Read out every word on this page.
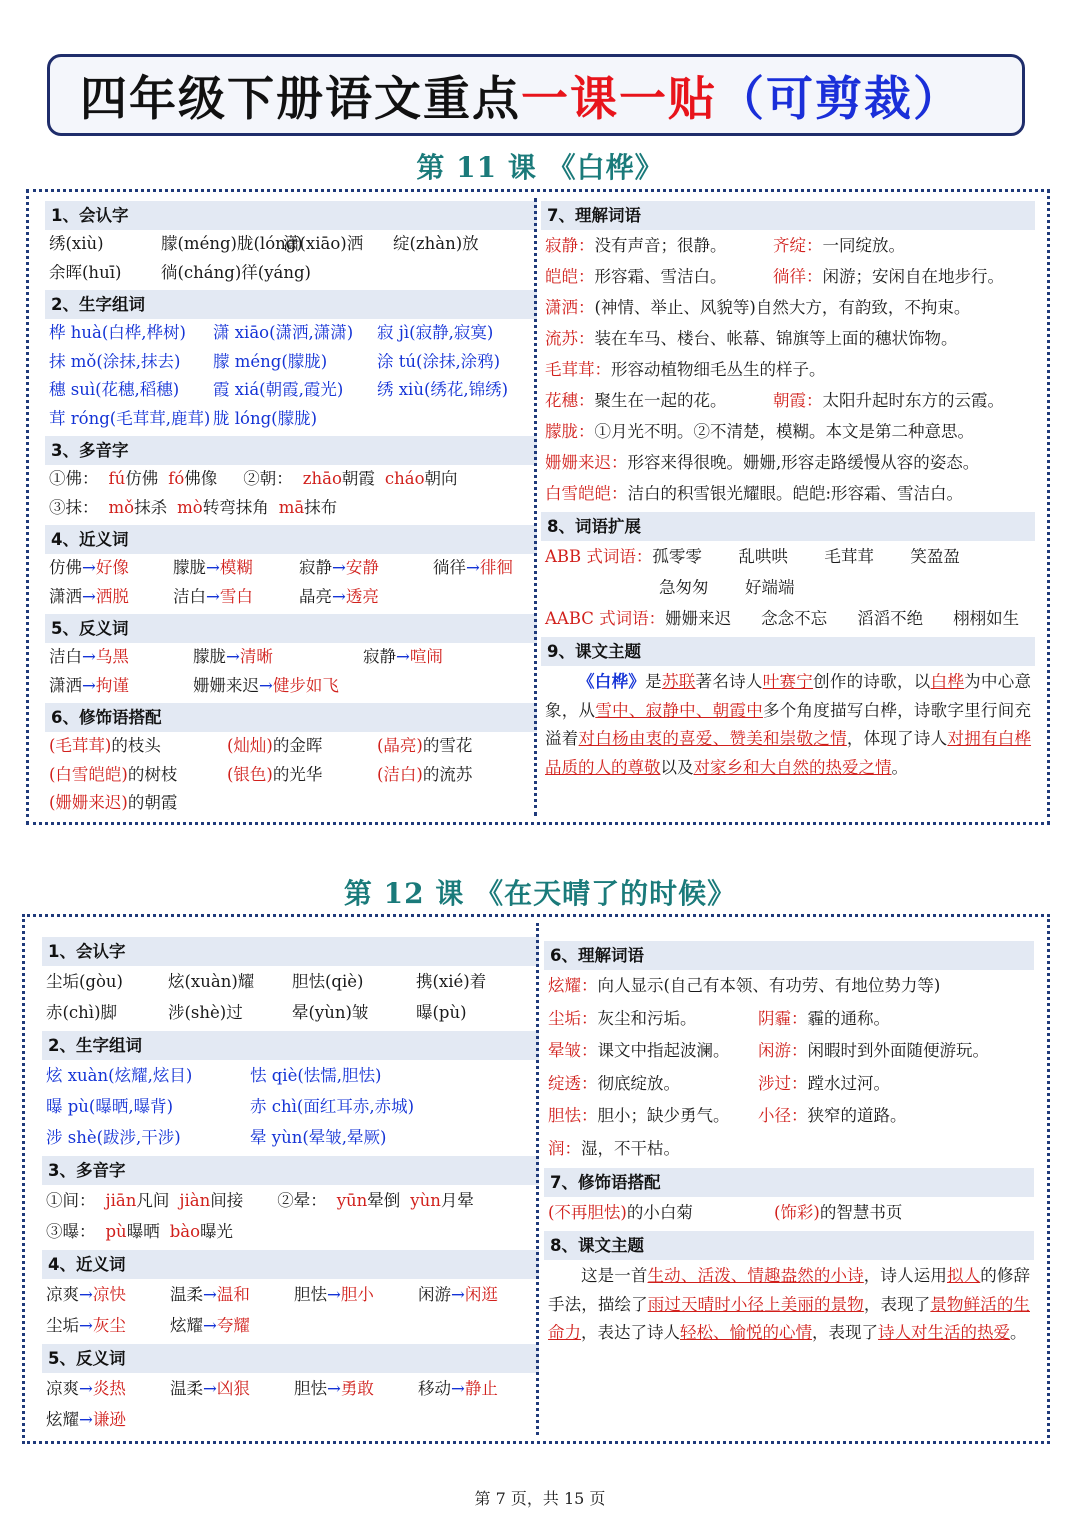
四年级下册语文重点 一课一贴 （可剪裁）
第 11 课 《白桦》
1、会认字
绣(xiù)	朦(méng)胧(lóng)潇(xiāo)洒 绽(zhàn)放
余晖(huī) 徜(cháng)徉(yáng)
2、生字组词
桦 huà(白桦,桦树) 潇 xiāo(潇洒,潇潇) 寂 jì(寂静,寂寞)
抹 mǒ(涂抹,抹去) 朦 méng(朦胧)	涂 tú(涂抹,涂鸦)
穗 suì(花穗,稻穗) 霞 xiá(朝霞,霞光) 绣 xiù(绣花,锦绣)
茸 róng(毛茸茸,鹿茸) 胧 lóng(朦胧)
3、多音字
①佛： fú仿佛 fó佛像 ②朝： zhāo朝霞 cháo朝向
③抹： mǒ抹杀 mò转弯抹角 mā抹布
4、近义词
仿佛→好像	朦胧→模糊	寂静→安静	徜徉→徘徊
潇洒→洒脱	洁白→雪白	晶亮→透亮
5、反义词
洁白→乌黑	朦胧→清晰	寂静→喧闹
潇洒→拘谨	姗姗来迟→健步如飞
6、修饰语搭配
(毛茸茸)的枝头	(灿灿)的金晖	(晶亮)的雪花
(白雪皑皑)的树枝	(银色)的光华	(洁白)的流苏
(姗姗来迟)的朝霞
7、理解词语
寂静：没有声音；很静。	齐绽：一同绽放。
皑皑：形容霜、雪洁白。	徜徉：闲游；安闲自在地步行。
潇洒：(神情、举止、风貌等)自然大方，有韵致，不拘束。
流苏：装在车马、楼台、帐幕、锦旗等上面的穗状饰物。
毛茸茸：形容动植物细毛丛生的样子。
花穗：聚生在一起的花。	朝霞：太阳升起时东方的云霞。
朦胧：①月光不明。②不清楚，模糊。本文是第二种意思。
姗姗来迟：形容来得很晚。姗姗,形容走路缓慢从容的姿态。
白雪皑皑：洁白的积雪银光耀眼。皑皑:形容霜、雪洁白。
8、词语扩展
ABB 式词语：孤零零 乱哄哄 毛茸茸 笑盈盈
急匆匆 好端端
AABC 式词语：姗姗来迟 念念不忘 滔滔不绝 栩栩如生
9、课文主题
《白桦》是苏联著名诗人叶赛宁创作的诗歌，以白桦为中心意象，从雪中、寂静中、朝霞中多个角度描写白桦，诗歌字里行间充溢着对白杨由衷的喜爱、赞美和崇敬之情，体现了诗人对拥有白桦品质的人的尊敬以及对家乡和大自然的热爱之情。
第 12 课 《在天晴了的时候》
1、会认字
尘垢(gòu)	炫(xuàn)耀 胆怯(qiè)	携(xié)着
赤(chì)脚	涉(shè)过	晕(yùn)皱	曝(pù)
2、生字组词
炫 xuàn(炫耀,炫目)	怯 qiè(怯懦,胆怯)
曝 pù(曝晒,曝背)	赤 chì(面红耳赤,赤城)
涉 shè(跋涉,干涉)	晕 yùn(晕皱,晕厥)
3、多音字
①间： jiān凡间 jiàn间接 ②晕： yūn晕倒 yùn月晕
③曝： pù曝晒 bào曝光
4、近义词
凉爽→凉快	温柔→温和	胆怯→胆小	闲游→闲逛
尘垢→灰尘	炫耀→夸耀
5、反义词
凉爽→炎热	温柔→凶狠	胆怯→勇敢	移动→静止
炫耀→谦逊
6、理解词语
炫耀：向人显示(自己有本领、有功劳、有地位势力等)
尘垢：灰尘和污垢。	阴霾：霾的通称。
晕皱：课文中指起波澜。 闲游：闲暇时到外面随便游玩。
绽透：彻底绽放。	涉过：蹚水过河。
胆怯：胆小；缺少勇气。 小径：狭窄的道路。
润：湿，不干枯。
7、修饰语搭配
(不再胆怯)的小白菊	(饰彩)的智慧书页
8、课文主题
这是一首生动、活泼、情趣盎然的小诗，诗人运用拟人的修辞手法，描绘了雨过天晴时小径上美丽的景物，表现了景物鲜活的生命力，表达了诗人轻松、愉悦的心情，表现了诗人对生活的热爱。
第 7 页，共 15 页
